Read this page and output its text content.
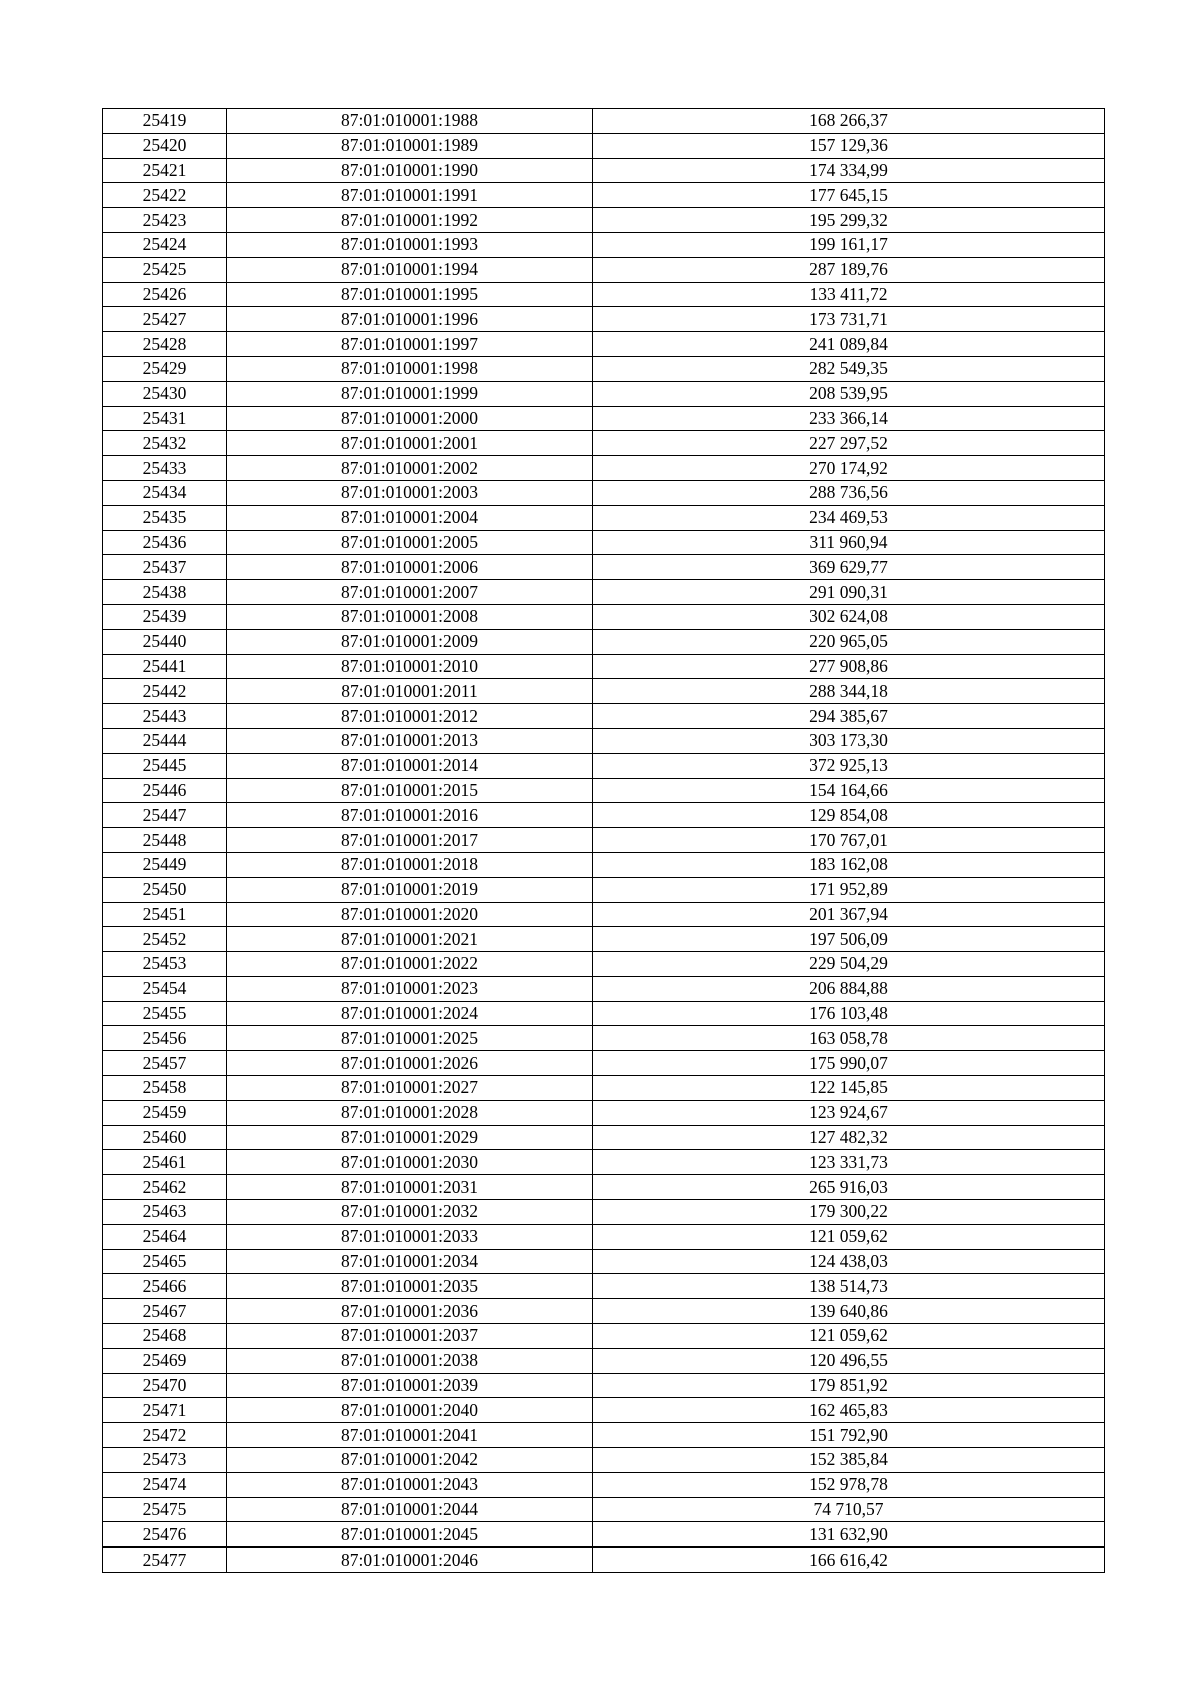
25419	87:01:010001:1988	168 266,37
25420	87:01:010001:1989	157 129,36
25421	87:01:010001:1990	174 334,99
25422	87:01:010001:1991	177 645,15
25423	87:01:010001:1992	195 299,32
25424	87:01:010001:1993	199 161,17
25425	87:01:010001:1994	287 189,76
25426	87:01:010001:1995	133 411,72
25427	87:01:010001:1996	173 731,71
25428	87:01:010001:1997	241 089,84
25429	87:01:010001:1998	282 549,35
25430	87:01:010001:1999	208 539,95
25431	87:01:010001:2000	233 366,14
25432	87:01:010001:2001	227 297,52
25433	87:01:010001:2002	270 174,92
25434	87:01:010001:2003	288 736,56
25435	87:01:010001:2004	234 469,53
25436	87:01:010001:2005	311 960,94
25437	87:01:010001:2006	369 629,77
25438	87:01:010001:2007	291 090,31
25439	87:01:010001:2008	302 624,08
25440	87:01:010001:2009	220 965,05
25441	87:01:010001:2010	277 908,86
25442	87:01:010001:2011	288 344,18
25443	87:01:010001:2012	294 385,67
25444	87:01:010001:2013	303 173,30
25445	87:01:010001:2014	372 925,13
25446	87:01:010001:2015	154 164,66
25447	87:01:010001:2016	129 854,08
25448	87:01:010001:2017	170 767,01
25449	87:01:010001:2018	183 162,08
25450	87:01:010001:2019	171 952,89
25451	87:01:010001:2020	201 367,94
25452	87:01:010001:2021	197 506,09
25453	87:01:010001:2022	229 504,29
25454	87:01:010001:2023	206 884,88
25455	87:01:010001:2024	176 103,48
25456	87:01:010001:2025	163 058,78
25457	87:01:010001:2026	175 990,07
25458	87:01:010001:2027	122 145,85
25459	87:01:010001:2028	123 924,67
25460	87:01:010001:2029	127 482,32
25461	87:01:010001:2030	123 331,73
25462	87:01:010001:2031	265 916,03
25463	87:01:010001:2032	179 300,22
25464	87:01:010001:2033	121 059,62
25465	87:01:010001:2034	124 438,03
25466	87:01:010001:2035	138 514,73
25467	87:01:010001:2036	139 640,86
25468	87:01:010001:2037	121 059,62
25469	87:01:010001:2038	120 496,55
25470	87:01:010001:2039	179 851,92
25471	87:01:010001:2040	162 465,83
25472	87:01:010001:2041	151 792,90
25473	87:01:010001:2042	152 385,84
25474	87:01:010001:2043	152 978,78
25475	87:01:010001:2044	74 710,57
25476	87:01:010001:2045	131 632,90
25477	87:01:010001:2046	166 616,42
